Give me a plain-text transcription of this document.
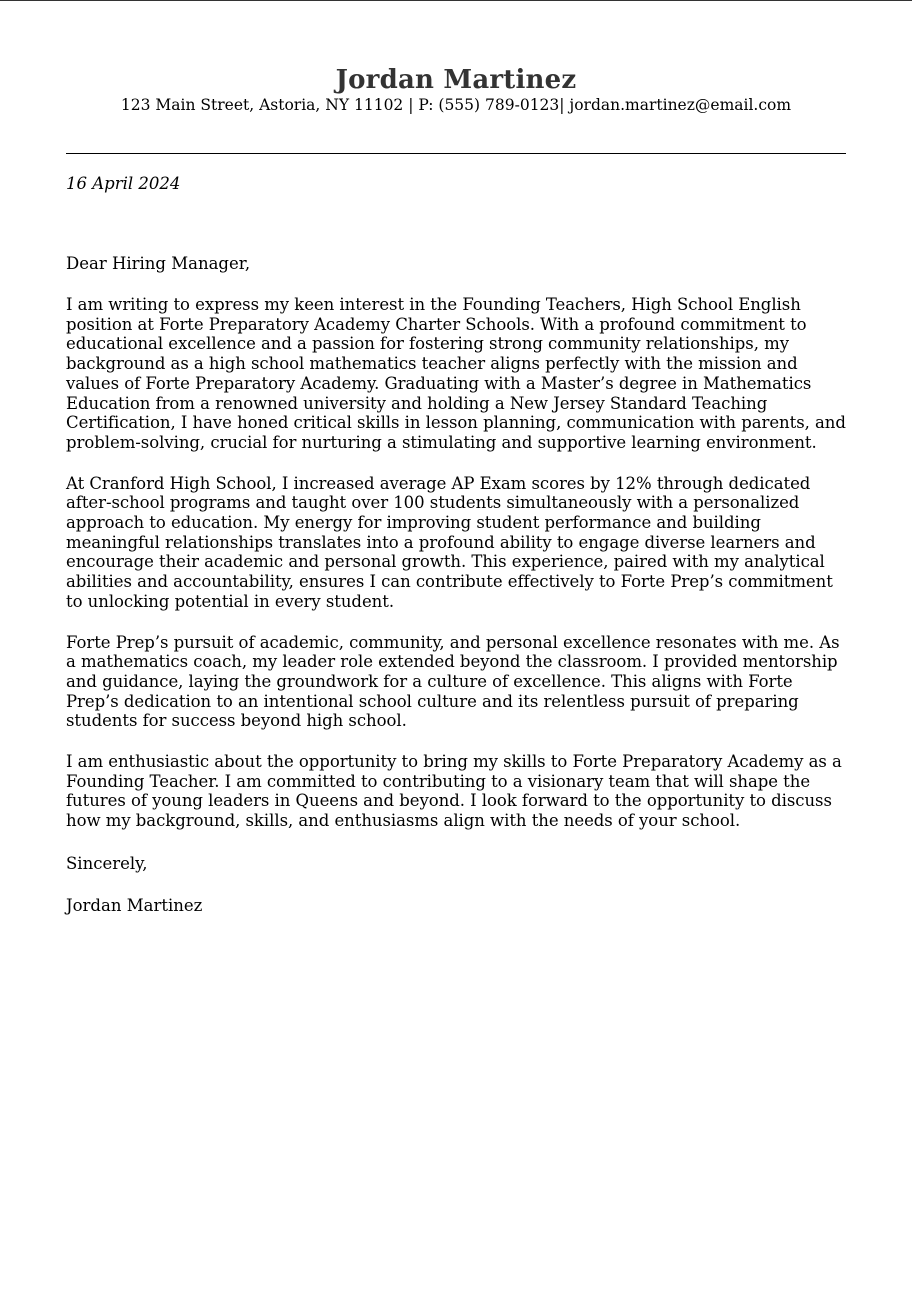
Jordan Martinez
123 Main Street, Astoria, NY 11102 | P: (555) 789-0123| jordan.martinez@email.com
16 April 2024
Dear Hiring Manager,

I am writing to express my keen interest in the Founding Teachers, High School English position at Forte Preparatory Academy Charter Schools. With a profound commitment to educational excellence and a passion for fostering strong community relationships, my background as a high school mathematics teacher aligns perfectly with the mission and values of Forte Preparatory Academy. Graduating with a Master’s degree in Mathematics Education from a renowned university and holding a New Jersey Standard Teaching Certification, I have honed critical skills in lesson planning, communication with parents, and problem-solving, crucial for nurturing a stimulating and supportive learning environment.

At Cranford High School, I increased average AP Exam scores by 12% through dedicated after-school programs and taught over 100 students simultaneously with a personalized approach to education. My energy for improving student performance and building meaningful relationships translates into a profound ability to engage diverse learners and encourage their academic and personal growth. This experience, paired with my analytical abilities and accountability, ensures I can contribute effectively to Forte Prep’s commitment to unlocking potential in every student.

Forte Prep’s pursuit of academic, community, and personal excellence resonates with me. As a mathematics coach, my leader role extended beyond the classroom. I provided mentorship and guidance, laying the groundwork for a culture of excellence. This aligns with Forte Prep’s dedication to an intentional school culture and its relentless pursuit of preparing students for success beyond high school.

I am enthusiastic about the opportunity to bring my skills to Forte Preparatory Academy as a Founding Teacher. I am committed to contributing to a visionary team that will shape the futures of young leaders in Queens and beyond. I look forward to the opportunity to discuss how my background, skills, and enthusiasms align with the needs of your school.

Sincerely,
Jordan Martinez
